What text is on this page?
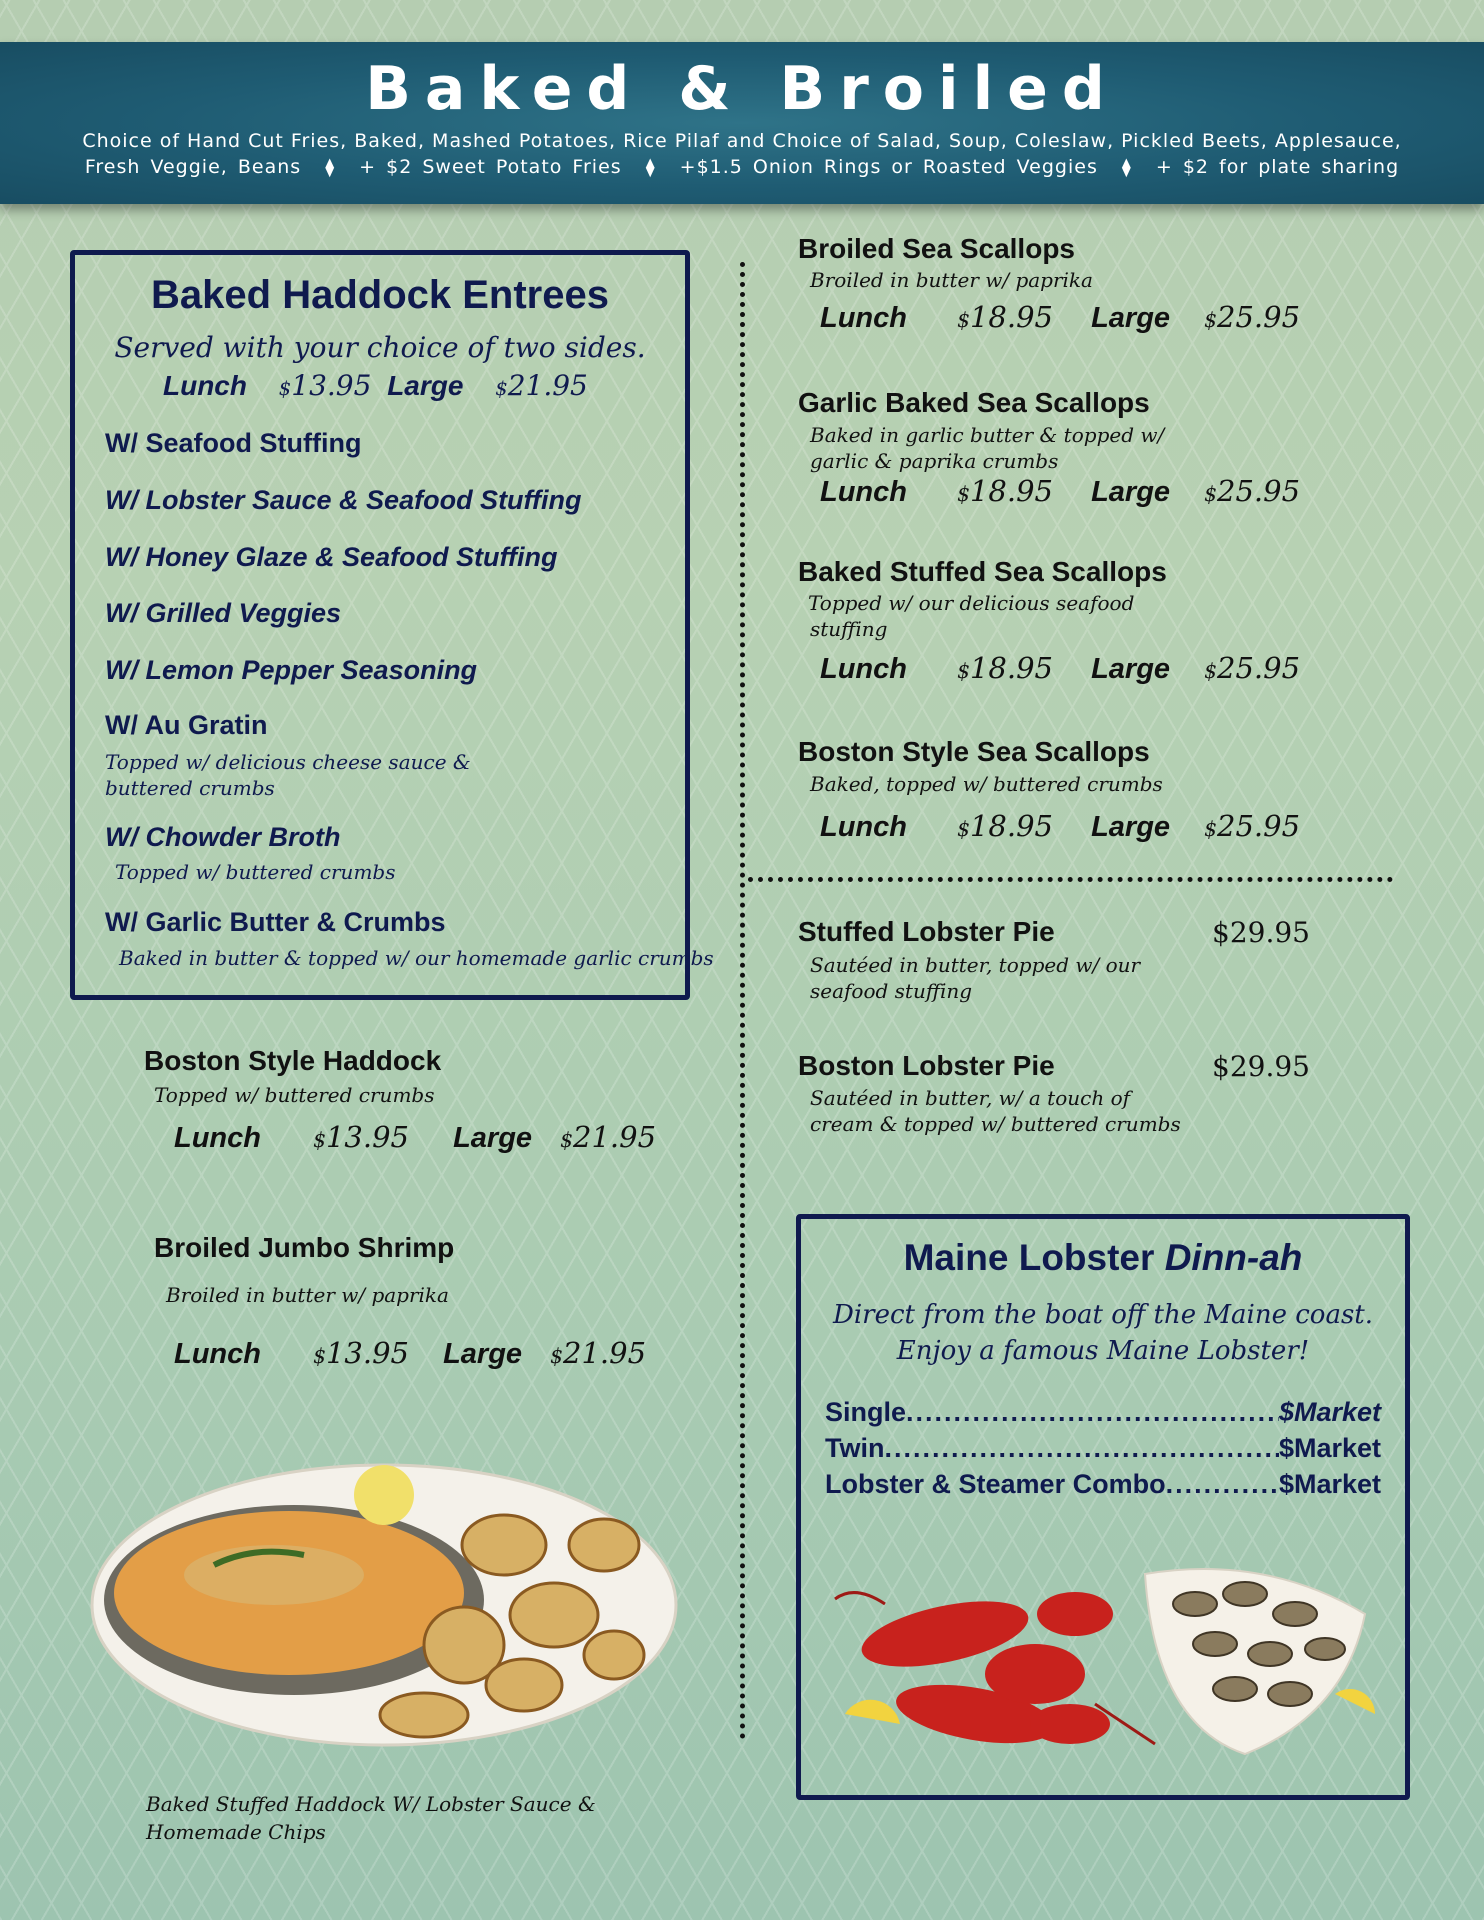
Baked & Broiled
Choice of Hand Cut Fries, Baked, Mashed Potatoes, Rice Pilaf and Choice of Salad, Soup, Coleslaw, Pickled Beets, Applesauce,
Fresh Veggie, Beans ⧫ + $2 Sweet Potato Fries ⧫ +$1.5 Onion Rings or Roasted Veggies ⧫ + $2 for plate sharing
Baked Haddock Entrees
Served with your choice of two sides.
Lunch $13.95 Large $21.95
W/ Seafood Stuffing
W/ Lobster Sauce & Seafood Stuffing
W/ Honey Glaze & Seafood Stuffing
W/ Grilled Veggies
W/ Lemon Pepper Seasoning
W/ Au Gratin
Topped w/ delicious cheese sauce & buttered crumbs
W/ Chowder Broth
Topped w/ buttered crumbs
W/ Garlic Butter & Crumbs
Baked in butter & topped w/ our homemade garlic crumbs
Boston Style Haddock
Topped w/ buttered crumbs
Lunch	$13.95 Large $21.95
Broiled Jumbo Shrimp
Broiled in butter w/ paprika
Lunch	$13.95 Large $21.95
Baked Stuffed Haddock W/ Lobster Sauce &
Homemade Chips
Broiled Sea Scallops
Broiled in butter w/ paprika
Lunch $18.95 Large $25.95
Garlic Baked Sea Scallops
Baked in garlic butter & topped w/
garlic & paprika crumbs
Lunch $18.95 Large $25.95
Baked Stuffed Sea Scallops
Topped w/ our delicious seafood
stuffing
Lunch $18.95 Large $25.95
Boston Style Sea Scallops
Baked, topped w/ buttered crumbs
Lunch $18.95 Large $25.95
Stuffed Lobster Pie	$29.95
Sautéed in butter, topped w/ our
seafood stuffing
Boston Lobster Pie	$29.95
Sautéed in butter, w/ a touch of
cream & topped w/ buttered crumbs
Maine Lobster Dinn-ah
Direct from the boat off the Maine coast.
Enjoy a famous Maine Lobster!
Single .....	$Market
Twin .....	$Market
Lobster & Steamer Combo .....	$Market
